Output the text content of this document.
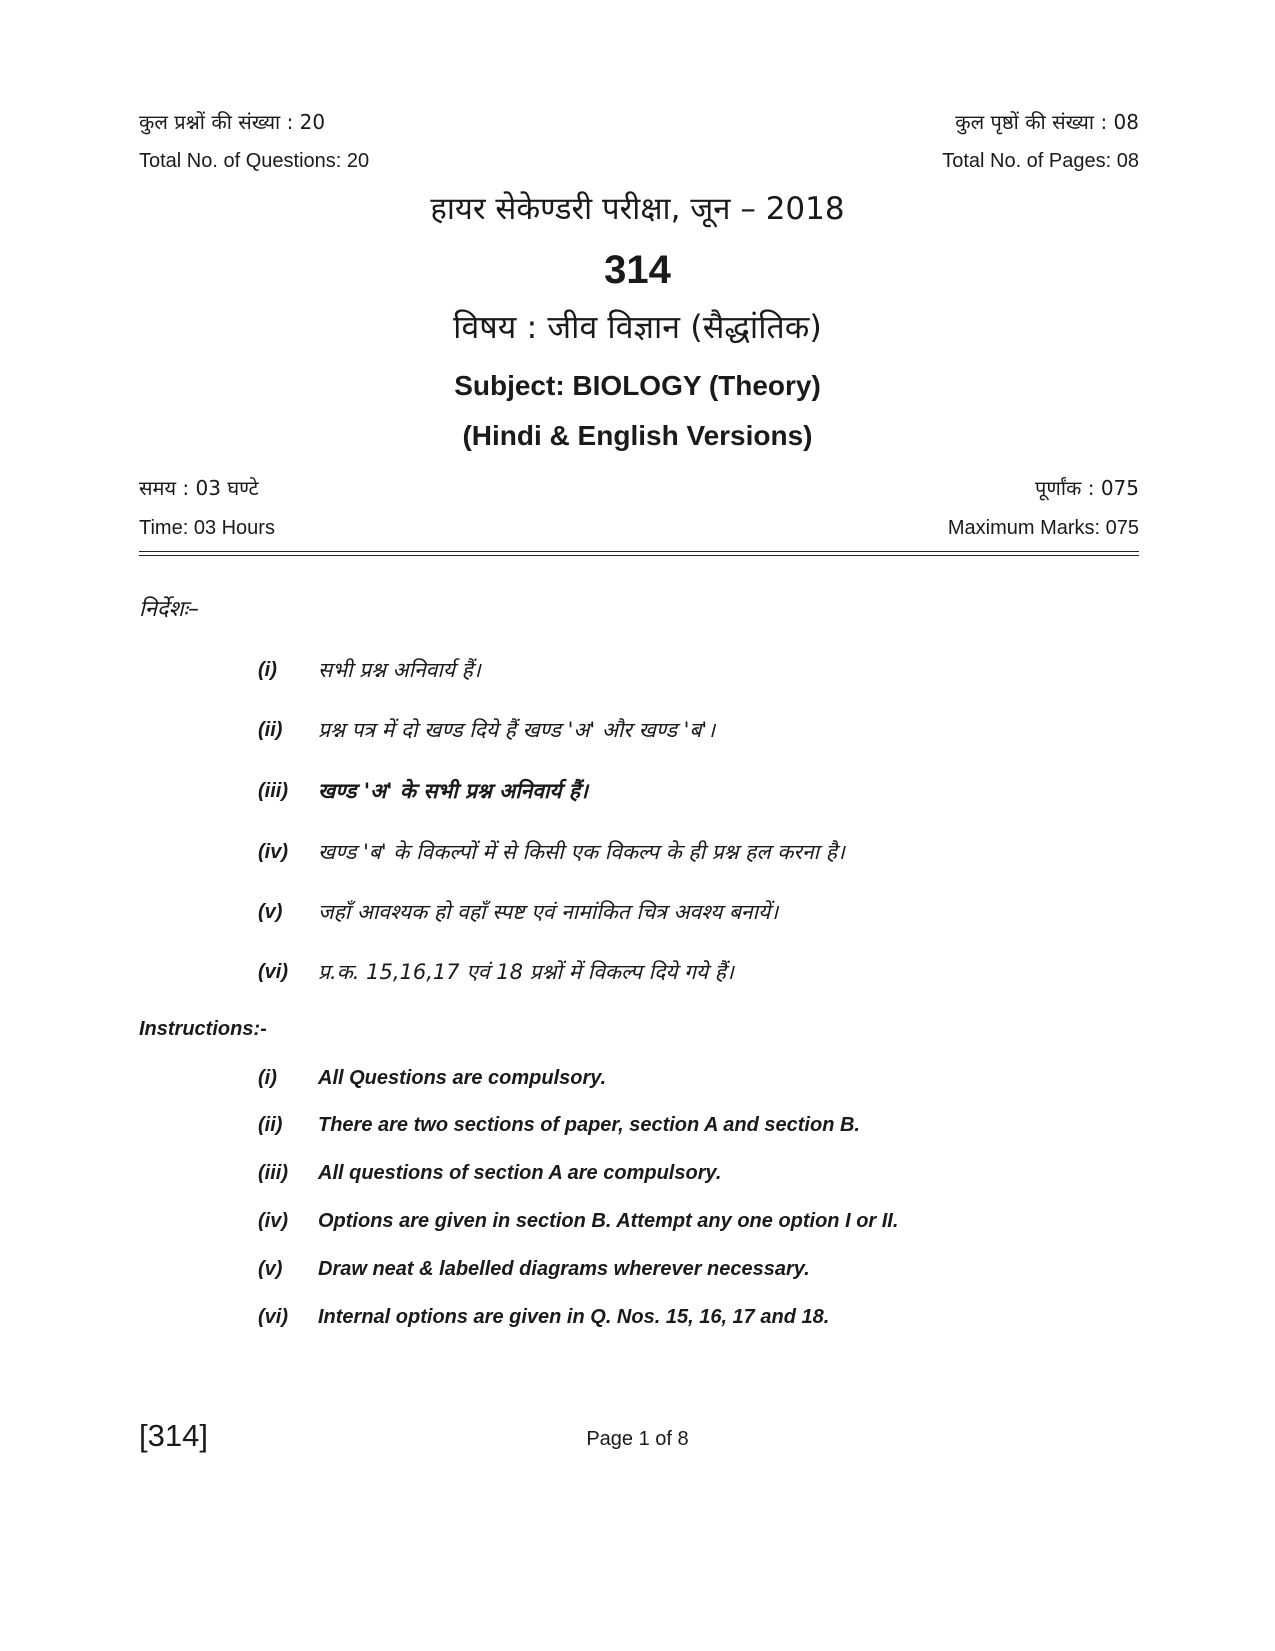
कुल प्रश्नों की संख्या : 20	कुल पृष्ठों की संख्या : 08
Total No. of Questions: 20	Total No. of Pages: 08
हायर सेकेण्डरी परीक्षा, जून – 2018
314
विषय : जीव विज्ञान (सैद्धांतिक)
Subject: BIOLOGY (Theory)
(Hindi & English Versions)
समय : 03 घण्टे	पूर्णांक : 075
Time: 03 Hours	Maximum Marks: 075
निर्देशः–
(i) सभी प्रश्न अनिवार्य हैं।
(ii) प्रश्न पत्र में दो खण्ड दिये हैं खण्ड 'अ' और खण्ड 'ब'।
(iii) खण्ड 'अ' के सभी प्रश्न अनिवार्य हैं।
(iv) खण्ड 'ब' के विकल्पों में से किसी एक विकल्प के ही प्रश्न हल करना है।
(v) जहाँ आवश्यक हो वहाँ स्पष्ट एवं नामांकित चित्र अवश्य बनायें।
(vi) प्र.क. 15,16,17 एवं 18 प्रश्नों में विकल्प दिये गये हैं।
Instructions:-
(i) All Questions are compulsory.
(ii) There are two sections of paper, section A and section B.
(iii) All questions of section A are compulsory.
(iv) Options are given in section B. Attempt any one option I or II.
(v) Draw neat & labelled diagrams wherever necessary.
(vi) Internal options are given in Q. Nos. 15, 16, 17 and 18.
[314]	Page 1 of 8
